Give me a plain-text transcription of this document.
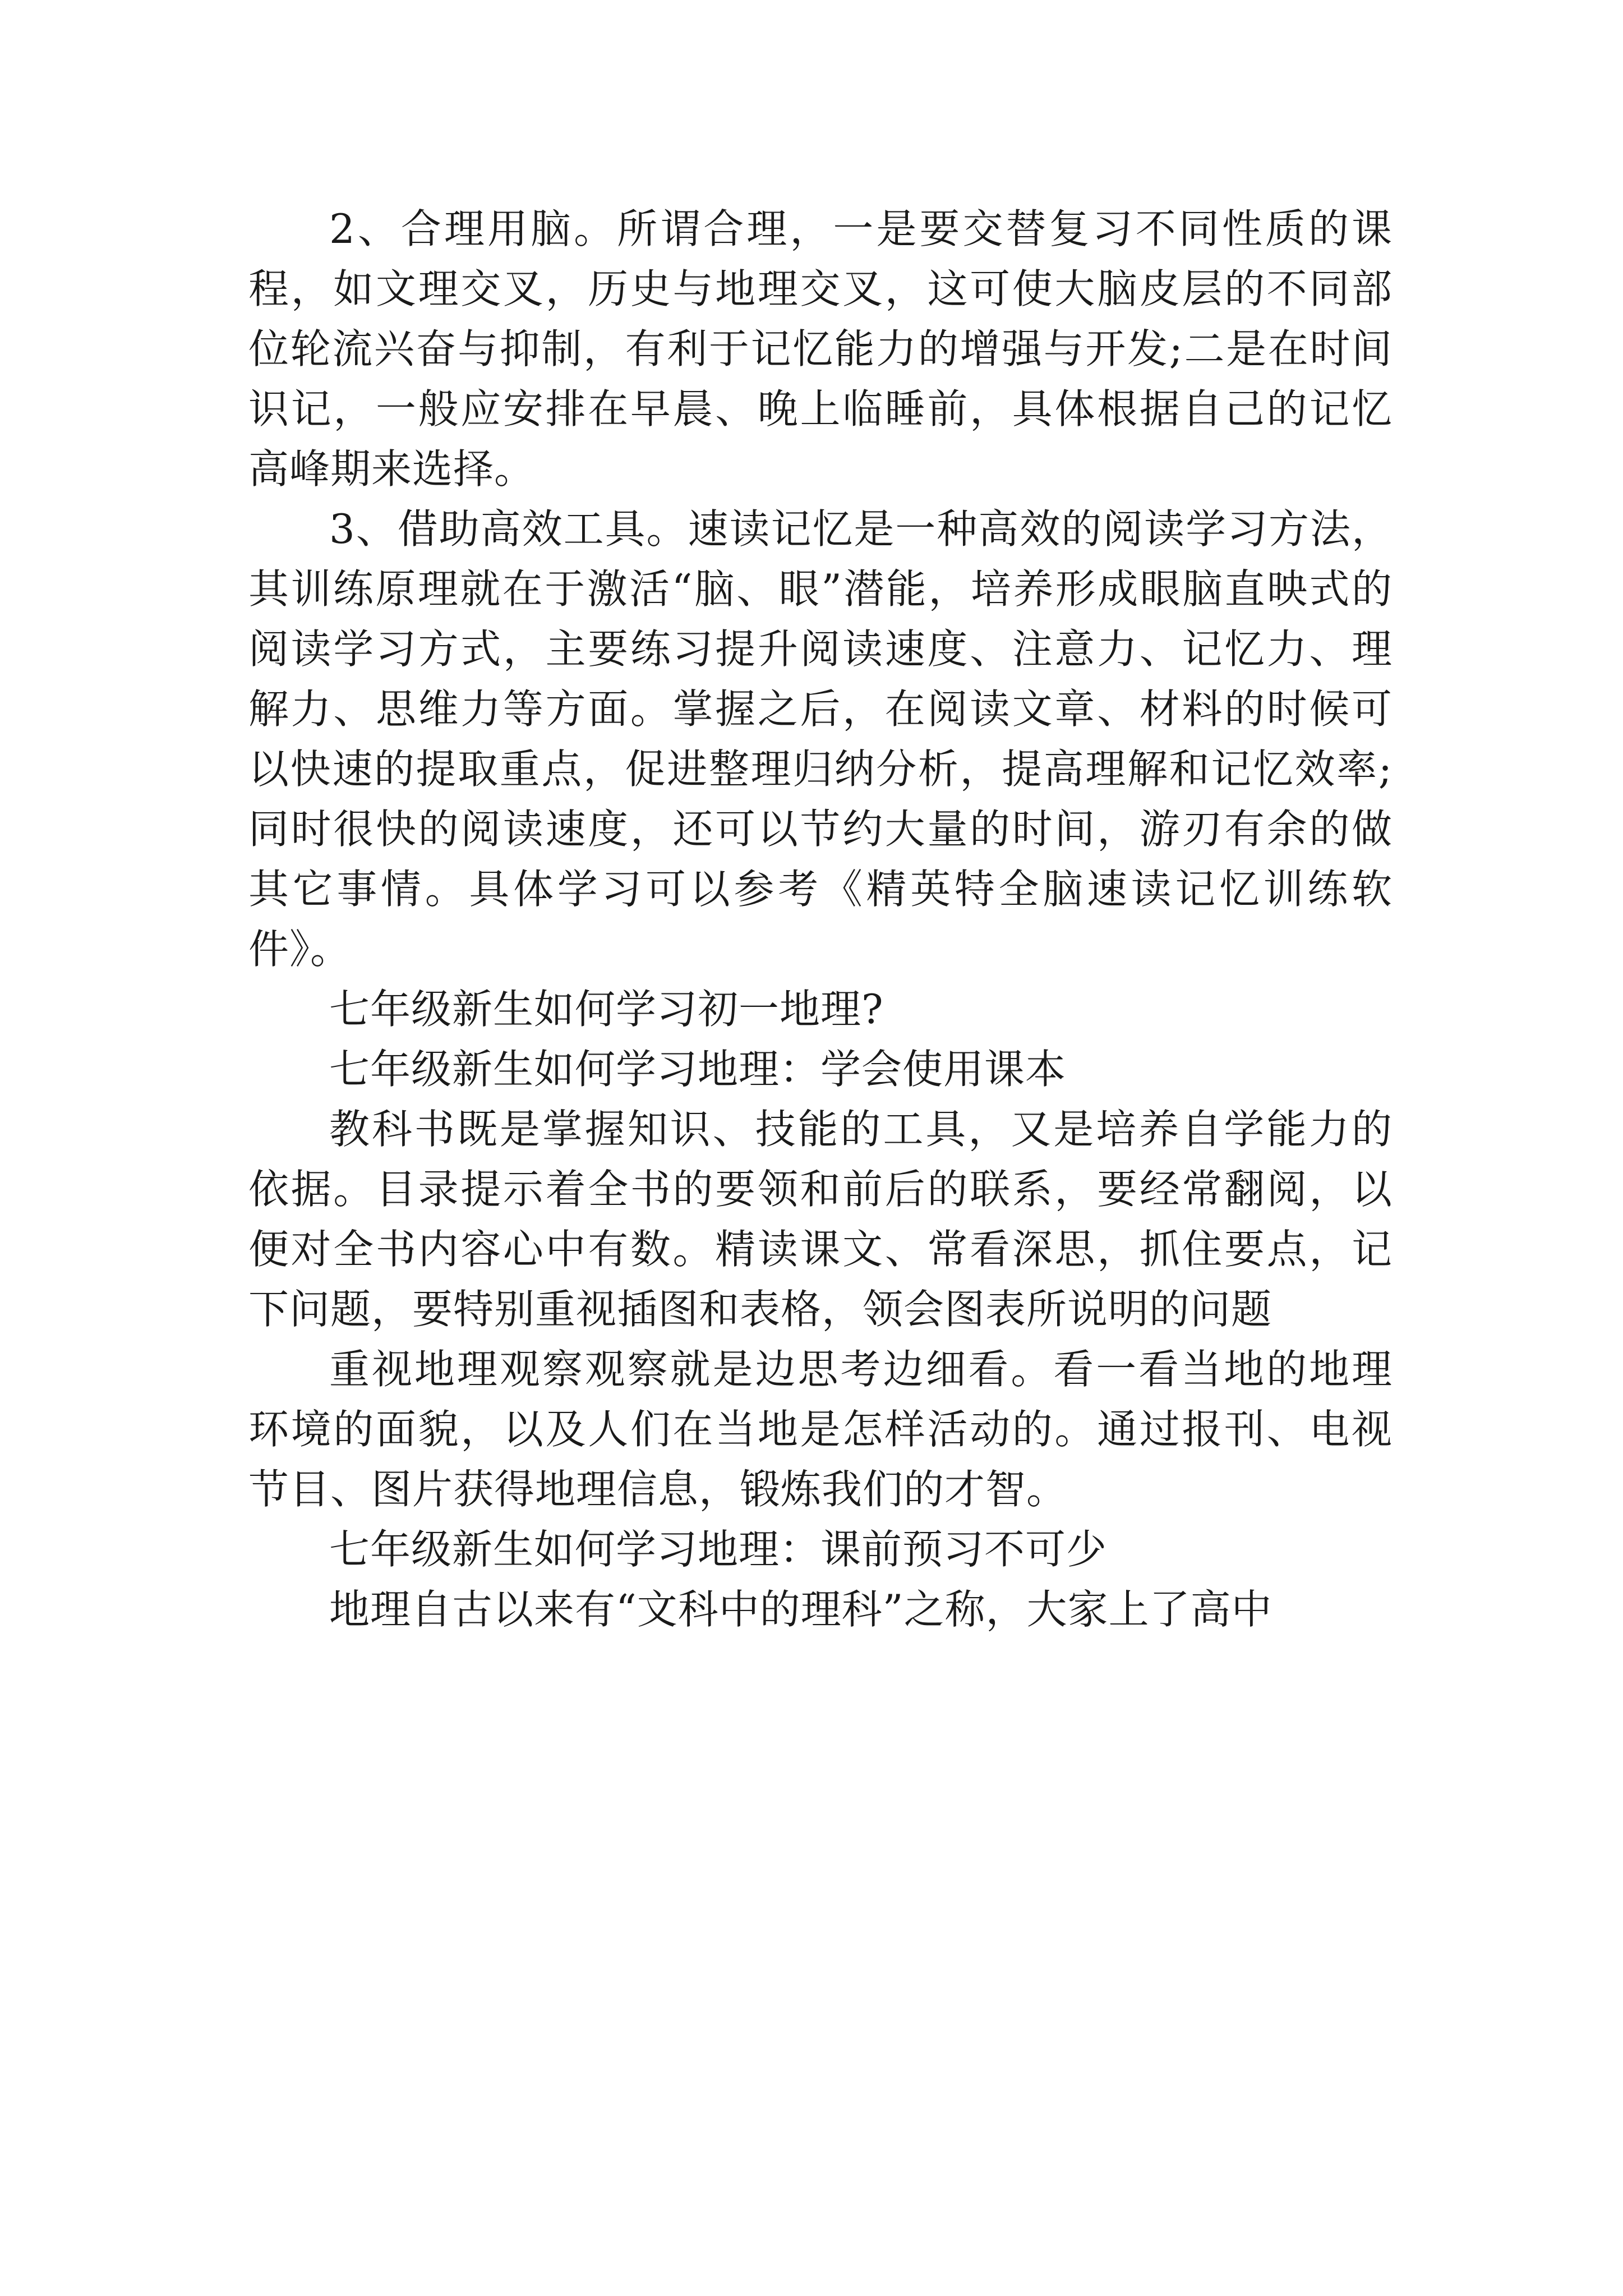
2、合理用脑。所谓合理，一是要交替复习不同性质的课程，如文理交叉，历史与地理交叉，这可使大脑皮层的不同部位轮流兴奋与抑制，有利于记忆能力的增强与开发;二是在时间识记，一般应安排在早晨、晚上临睡前，具体根据自己的记忆高峰期来选择。

3、借助高效工具。速读记忆是一种高效的阅读学习方法，其训练原理就在于激活“脑、眼”潜能，培养形成眼脑直映式的阅读学习方式，主要练习提升阅读速度、注意力、记忆力、理解力、思维力等方面。掌握之后，在阅读文章、材料的时候可以快速的提取重点，促进整理归纳分析，提高理解和记忆效率;同时很快的阅读速度，还可以节约大量的时间，游刃有余的做其它事情。具体学习可以参考《精英特全脑速读记忆训练软件》。

七年级新生如何学习初一地理?

七年级新生如何学习地理：学会使用课本

教科书既是掌握知识、技能的工具，又是培养自学能力的依据。目录提示着全书的要领和前后的联系，要经常翻阅，以便对全书内容心中有数。精读课文、常看深思，抓住要点，记下问题，要特别重视插图和表格，领会图表所说明的问题

重视地理观察观察就是边思考边细看。看一看当地的地理环境的面貌，以及人们在当地是怎样活动的。通过报刊、电视节目、图片获得地理信息，锻炼我们的才智。

七年级新生如何学习地理：课前预习不可少

地理自古以来有“文科中的理科”之称，大家上了高中
